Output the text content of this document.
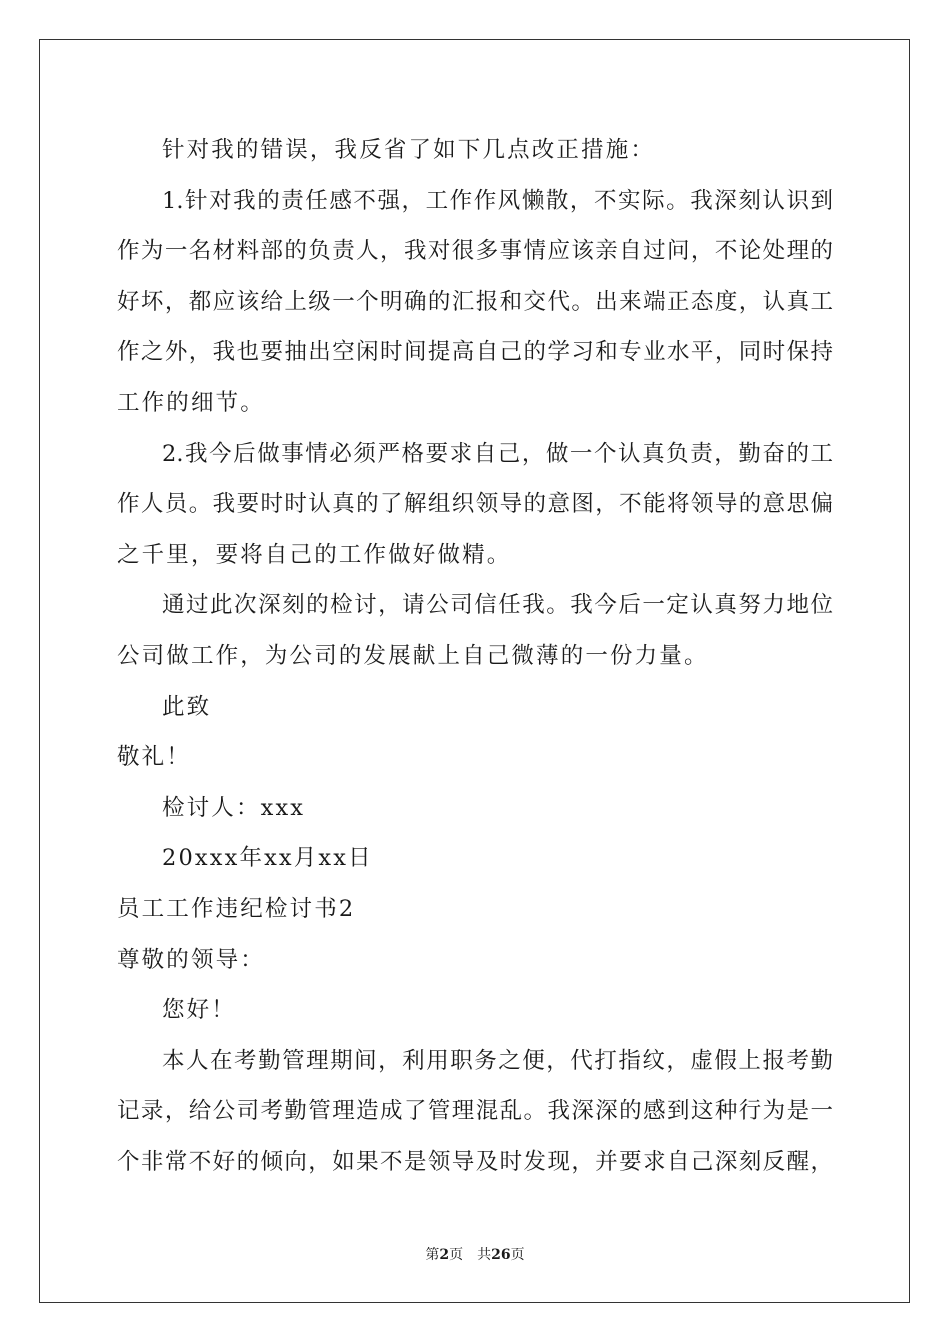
针对我的错误，我反省了如下几点改正措施：
1.针对我的责任感不强，工作作风懒散，不实际。我深刻认识到
作为一名材料部的负责人，我对很多事情应该亲自过问，不论处理的
好坏，都应该给上级一个明确的汇报和交代。出来端正态度，认真工
作之外，我也要抽出空闲时间提高自己的学习和专业水平，同时保持
工作的细节。
2.我今后做事情必须严格要求自己，做一个认真负责，勤奋的工
作人员。我要时时认真的了解组织领导的意图，不能将领导的意思偏
之千里，要将自己的工作做好做精。
通过此次深刻的检讨，请公司信任我。我今后一定认真努力地位
公司做工作，为公司的发展献上自己微薄的一份力量。
此致
敬礼！
检讨人：xxx
20xxx年xx月xx日
员工工作违纪检讨书2
尊敬的领导：
您好！
本人在考勤管理期间，利用职务之便，代打指纹，虚假上报考勤
记录，给公司考勤管理造成了管理混乱。我深深的感到这种行为是一
个非常不好的倾向，如果不是领导及时发现，并要求自己深刻反醒，
第2页 共26页
